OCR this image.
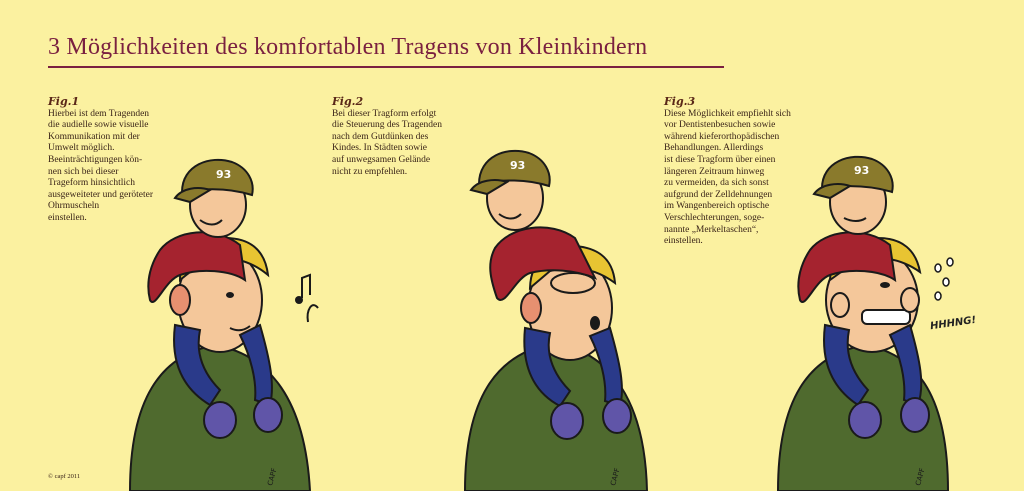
3 Möglichkeiten des komfortablen Tragens von Kleinkindern
Fig.1
Hierbei ist dem Tragenden
die audielle sowie visuelle
Kommunikation mit der
Umwelt möglich.
Beeinträchtigungen kön-
nen sich bei dieser
Trageform hinsichtlich
ausgeweiteter und geröteter
Ohrmuscheln
einstellen.
Fig.2
Bei dieser Tragform erfolgt
die Steuerung des Tragenden
nach dem Gutdünken des
Kindes. In Städten sowie
auf unwegsamen Gelände
nicht zu empfehlen.
Fig.3
Diese Möglichkeit empfiehlt sich
vor Dentistenbesuchen sowie
während kieferorthopädischen
Behandlungen. Allerdings
ist diese Tragform über einen
längeren Zeitraum hinweg
zu vermeiden, da sich sonst
aufgrund der Zelldehnungen
im Wangenbereich optische
Verschlechterungen, soge-
nannte „Merkeltaschen“,
einstellen.
93
CAPF
93
CAPF
93
CAPF
HHHNG!
© capf 2011
